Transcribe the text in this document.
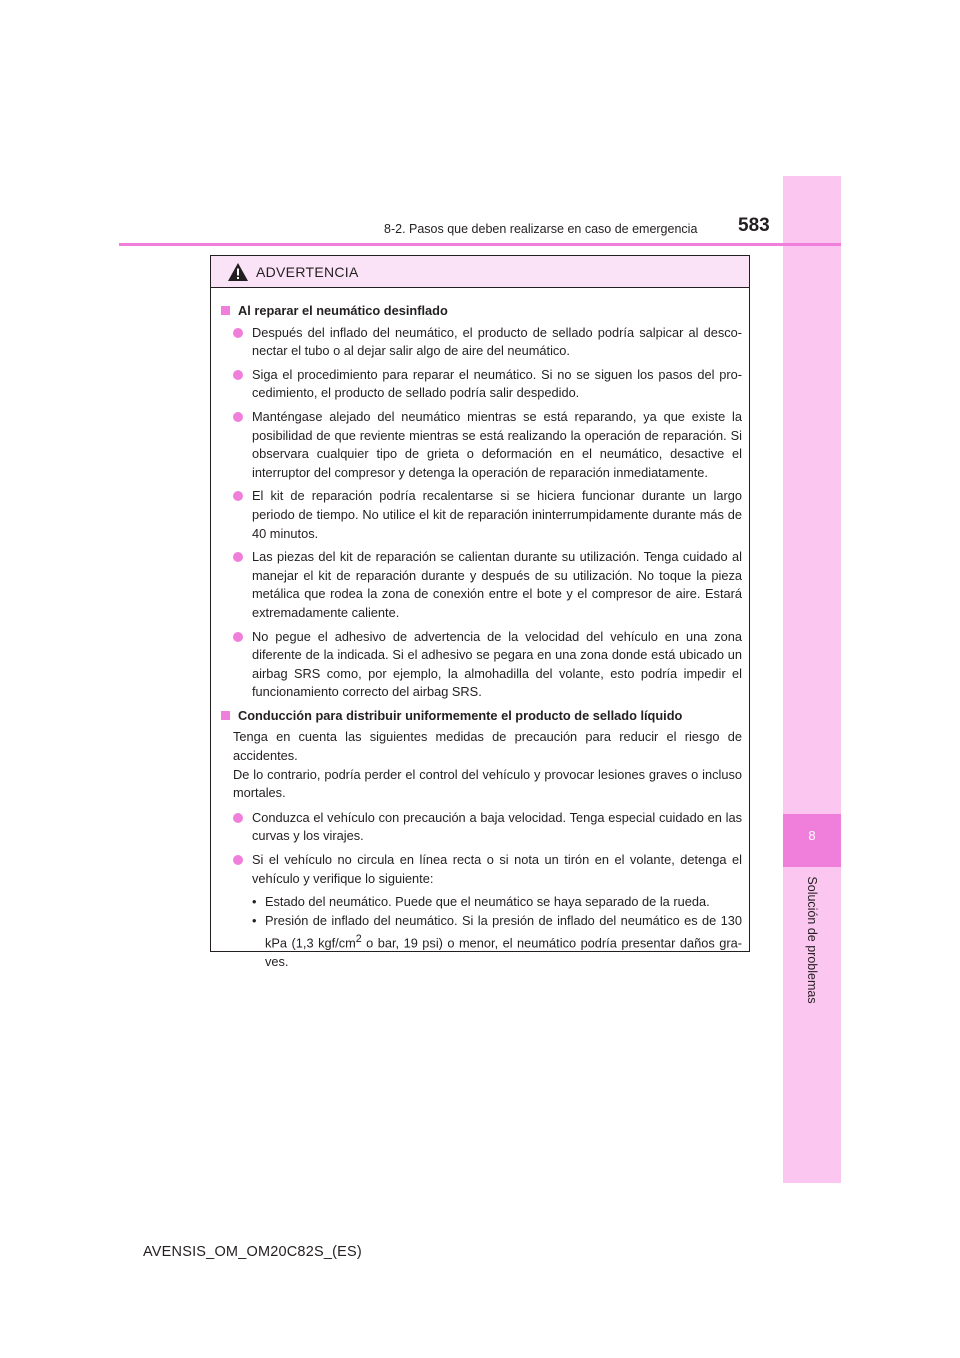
8
Solución de problemas
8-2. Pasos que deben realizarse en caso de emergencia 583
ADVERTENCIA
Al reparar el neumático desinflado
Después del inflado del neumático, el producto de sellado podría salpicar al desco-nectar el tubo o al dejar salir algo de aire del neumático.
Siga el procedimiento para reparar el neumático. Si no se siguen los pasos del pro-cedimiento, el producto de sellado podría salir despedido.
Manténgase alejado del neumático mientras se está reparando, ya que existe la posibilidad de que reviente mientras se está realizando la operación de reparación. Si observara cualquier tipo de grieta o deformación en el neumático, desactive el interruptor del compresor y detenga la operación de reparación inmediatamente.
El kit de reparación podría recalentarse si se hiciera funcionar durante un largo periodo de tiempo. No utilice el kit de reparación ininterrumpidamente durante más de 40 minutos.
Las piezas del kit de reparación se calientan durante su utilización. Tenga cuidado al manejar el kit de reparación durante y después de su utilización. No toque la pieza metálica que rodea la zona de conexión entre el bote y el compresor de aire. Estará extremadamente caliente.
No pegue el adhesivo de advertencia de la velocidad del vehículo en una zona diferente de la indicada. Si el adhesivo se pegara en una zona donde está ubicado un airbag SRS como, por ejemplo, la almohadilla del volante, esto podría impedir el funcionamiento correcto del airbag SRS.
Conducción para distribuir uniformemente el producto de sellado líquido
Tenga en cuenta las siguientes medidas de precaución para reducir el riesgo de accidentes.
De lo contrario, podría perder el control del vehículo y provocar lesiones graves o incluso mortales.
Conduzca el vehículo con precaución a baja velocidad. Tenga especial cuidado en las curvas y los virajes.
Si el vehículo no circula en línea recta o si nota un tirón en el volante, detenga el vehículo y verifique lo siguiente:
• Estado del neumático. Puede que el neumático se haya separado de la rueda.
• Presión de inflado del neumático. Si la presión de inflado del neumático es de 130 kPa (1,3 kgf/$cm^2$ o bar, 19 psi) o menor, el neumático podría presentar daños gra-ves.
AVENSIS_OM_OM20C82S_(ES)
